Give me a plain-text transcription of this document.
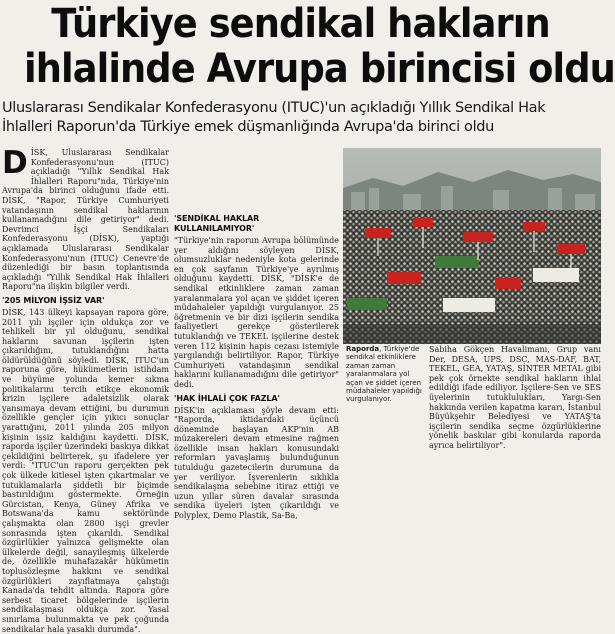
Türkiye sendikal hakların
ihlalinde Avrupa birincisi oldu
Uluslararası Sendikalar Konfederasyonu (ITUC)'un açıkladığı Yıllık Sendikal Hak
İhlalleri Raporun'da Türkiye emek düşmanlığında Avrupa'da birinci oldu
D İSK, Uluslararası Sendikalar Konfederasyonu'nun (ITUC) açıkladığı "Yıllık Sendikal Hak İhlalleri Raporu"nda, Türkiye'nin Avrupa'da birinci olduğunu ifade etti. DİSK, "Rapor, Türkiye Cumhuriyeti vatandaşının sendikal haklarının kullanamadığını dile getiriyor" dedi. Devrimci İşçi Sendikaları Konfederasyonu (DİSK), yaptığı açıklamada Uluslararası Sendikalar Konfederasyonu'nun (ITUC) Cenevre'de düzenlediği bir basın toplantısında açıkladığı "Yıllık Sendikal Hak İhlalleri Raporu"na ilişkin bilgiler verdi.

'205 MİLYON İŞSİZ VAR'

DİSK, 143 ülkeyi kapsayan rapora göre, 2011 yılı işçiler için oldukça zor ve tehlikeli bir yıl olduğunu, sendikal haklarını savunan işçilerin işten çıkarıldığını, tutuklandığını hatta öldürüldüğünü söyledi. DİSK, ITUC'un raporuna göre, hükümetlerin istihdam ve büyüme yolunda kemer sıkma politikalarını tercih etikçe ekonomik krizin işçilere adaletsizlik olarak yansımaya devam ettiğini, bu durumun özellikle gençler için yıkıcı sonuçlar yarattığını, 2011 yılında 205 milyon kişinin işsiz kaldığını kaydetti. DİSK, raporda işçiler üzerindeki baskıya dikkat çekildiğini belirterek, şu ifadelere yer verdi: "ITUC'un raporu gerçekten pek çok ülkede kitlesel işten çıkartmalar ve tutuklamalarla şiddetli bir biçimde bastırıldığını göstermekte. Örneğin Gürcistan, Kenya, Güney Afrika ve Botswana'da kamu sektöründe çalışmakta olan 2800 işçi grevler sonrasında işten çıkarıldı. Sendikal özgürlükler yalnızca gelişmekte olan ülkelerde değil, sanayileşmiş ülkelerde de, özellikle muhafazakâr hükümetin toplusözleşme hakkını ve sendikal özgürlükleri zayıflatmaya çalıştığı Kanada'da tehdit altında. Rapora göre serbest ticaret bölgelerinde işçilerin sendikalaşması oldukça zor. Yasal sınırlama bulunmakta ve pek çoğunda sendikalar hala yasaklı durumda".

'SENDİKAL HAKLAR KULLANILAMIYOR'

"Türkiye'nin raporun Avrupa bölümünde yer aldığını söyleyen DİSK, olumsuzluklar nedeniyle kota gelerinde en çok sayfanın Türkiye'ye ayrılmış olduğunu kaydetti. DİSK, "DİSK'e de sendikal etkinliklere zaman zaman yaralanmalara yol açan ve şiddet içeren müdahaleler yapıldığı vurgulanıyor. 25 öğretmenin ve bir dizi işçilerin sendika faaliyetleri gerekçe gösterilerek tutuklandığı ve TEKEL işçilerine destek veren 112 kişinin hapis cezası istemiyle yargılandığı belirtiliyor. Rapor, Türkiye Cumhuriyeti vatandaşının sendikal haklarını kullanamadığını dile getiriyor" dedi.

'HAK İHLALİ ÇOK FAZLA'

DİSK'in açıklaması şöyle devam etti: "Raporda, iktidardaki üçüncü döneminde başlayan AKP'nin AB müzakereleri devam etmesine rağmen özellikle insan hakları konusundaki reformları yavaşlamış bulunduğunun tutulduğu gazetecilerin durumuna da yer veriliyor. İşverenlerin sıklıkla sendikalaşma sebebine itiraz ettiği ve uzun yıllar süren davalar sırasında sendika üyeleri işten çıkarıldığı ve Polyplex, Demo Plastik, Sa-Ba,

Raporda, Türkiye'de sendikal etkinliklere zaman zaman yaralanmalara yol açan ve şiddet içeren müdahaleler yapıldığı vurgulanıyor.

Sabiha Gökçen Havalimanı, Grup vanı Der, DESA, UPS, DSC, MAS-DAF, BAT, TEKEL, GEA, YATAŞ, SİNTER METAL gibi pek çok örnekte sendikal hakların ihlal edildiği ifade ediliyor. İşçilere-Sen ve SES üyelerinin tutuklulukları, Yargı-Sen hakkında verilen kapatma kararı, İstanbul Büyükşehir Belediyesi ve YATAŞ'ta işçilerin sendika seçme özgürlüklerine yönelik baskılar gibi konularda raporda ayrıca belirtiliyor".
